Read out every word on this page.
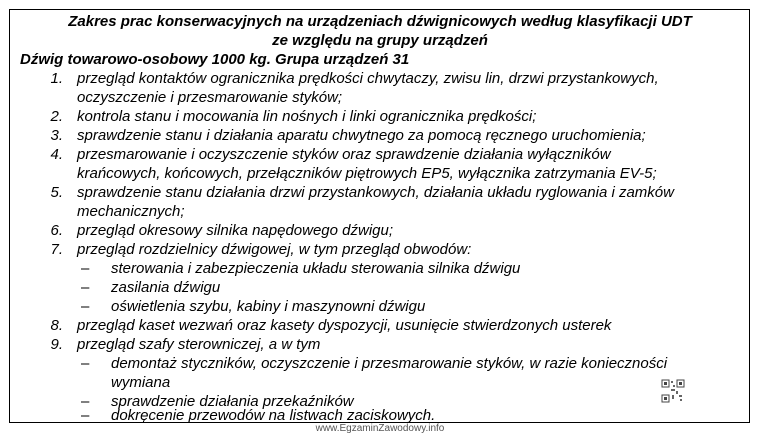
Zakres prac konserwacyjnych na urządzeniach dźwignicowych według klasyfikacji UDT
ze względu na grupy urządzeń
Dźwig towarowo-osobowy 1000 kg. Grupa urządzeń 31
1. przegląd kontaktów ogranicznika prędkości chwytaczy, zwisu lin, drzwi przystankowych,
oczyszczenie i przesmarowanie styków;
2. kontrola stanu i mocowania lin nośnych i linki ogranicznika prędkości;
3. sprawdzenie stanu i działania aparatu chwytnego za pomocą ręcznego uruchomienia;
4. przesmarowanie i oczyszczenie styków oraz sprawdzenie działania wyłączników
krańcowych, końcowych, przełączników piętrowych EP5, wyłącznika zatrzymania EV-5;
5. sprawdzenie stanu działania drzwi przystankowych, działania układu ryglowania i zamków
mechanicznych;
6. przegląd okresowy silnika napędowego dźwigu;
7. przegląd rozdzielnicy dźwigowej, w tym przegląd obwodów:
– sterowania i zabezpieczenia układu sterowania silnika dźwigu
– zasilania dźwigu
– oświetlenia szybu, kabiny i maszynowni dźwigu
8. przegląd kaset wezwań oraz kasety dyspozycji, usunięcie stwierdzonych usterek
9. przegląd szafy sterowniczej, a w tym
– demontaż styczników, oczyszczenie i przesmarowanie styków, w razie konieczności
wymiana
– sprawdzenie działania przekaźników
– dokręcenie przewodów na listwach zaciskowych.
www.EgzaminZawodowy.info
